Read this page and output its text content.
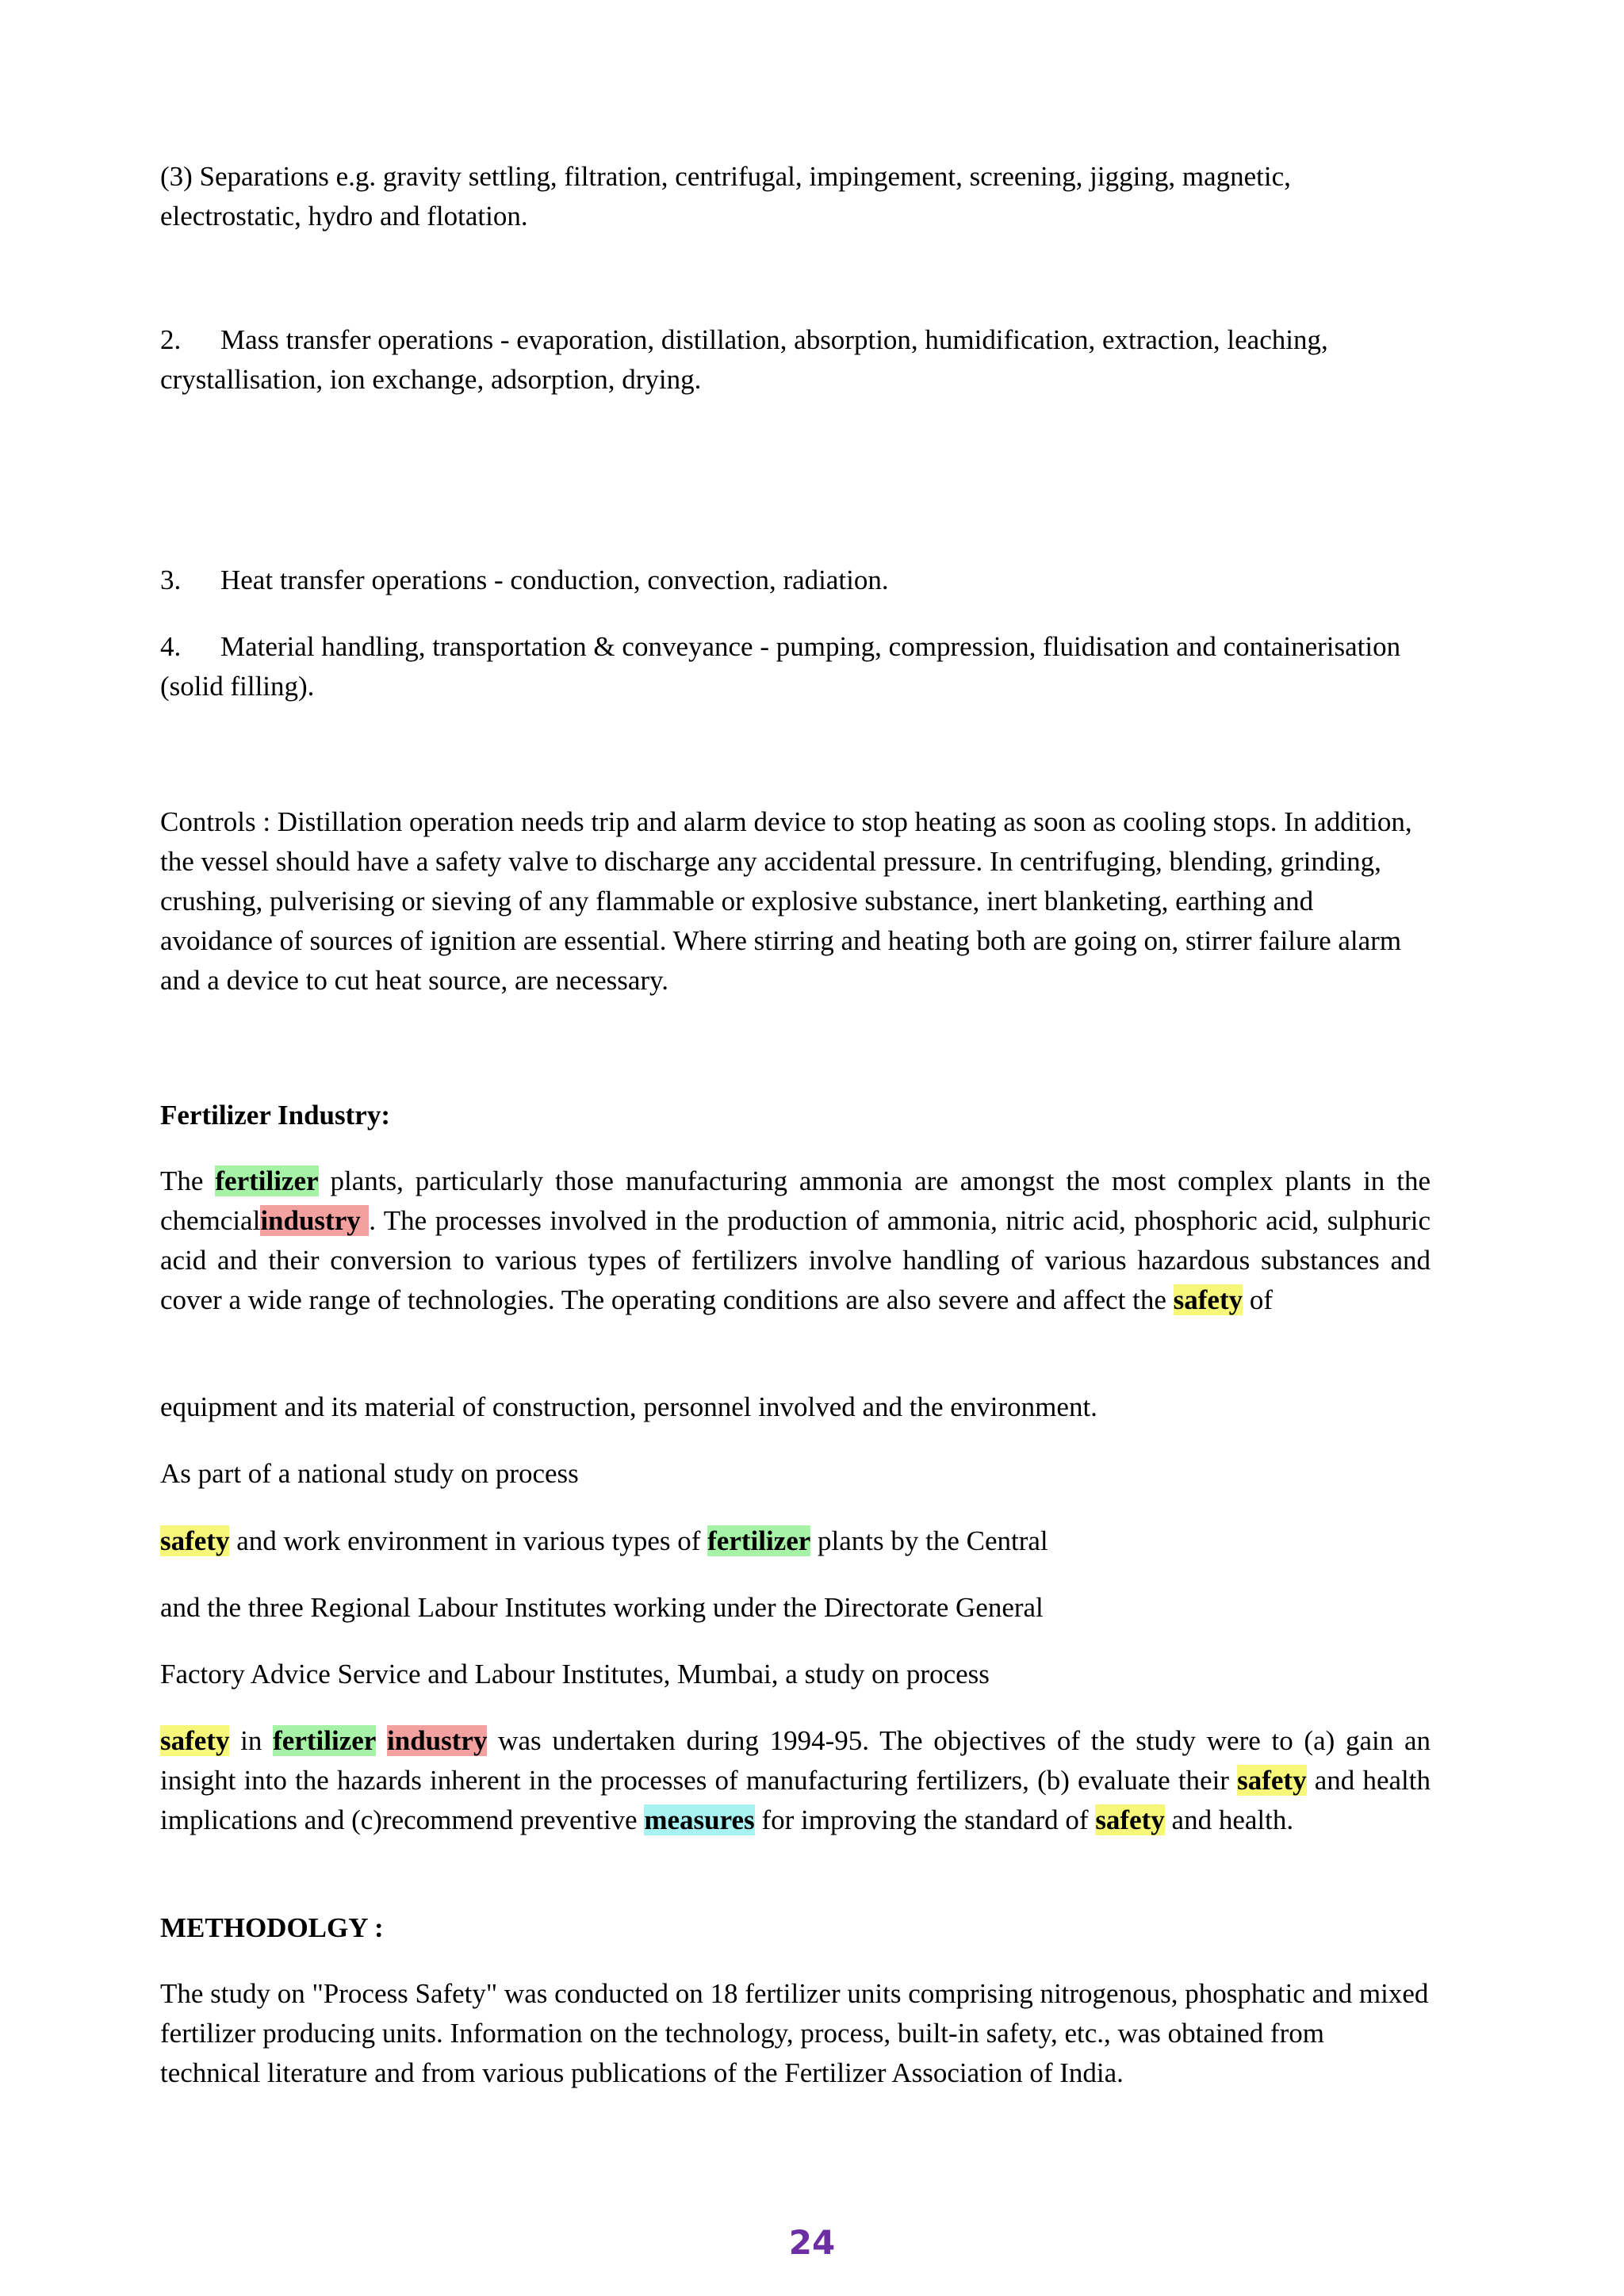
(3) Separations e.g. gravity settling, filtration, centrifugal, impingement, screening, jigging, magnetic, electrostatic, hydro and flotation.

2. Mass transfer operations - evaporation, distillation, absorption, humidification, extraction, leaching, crystallisation, ion exchange, adsorption, drying.

3. Heat transfer operations - conduction, convection, radiation.

4. Material handling, transportation & conveyance - pumping, compression, fluidisation and containerisation (solid filling).

Controls : Distillation operation needs trip and alarm device to stop heating as soon as cooling stops. In addition, the vessel should have a safety valve to discharge any accidental pressure. In centrifuging, blending, grinding, crushing, pulverising or sieving of any flammable or explosive substance, inert blanketing, earthing and avoidance of sources of ignition are essential. Where stirring and heating both are going on, stirrer failure alarm and a device to cut heat source, are necessary.

Fertilizer Industry:

The fertilizer plants, particularly those manufacturing ammonia are amongst the most complex plants in the chemcialindustry . The processes involved in the production of ammonia, nitric acid, phosphoric acid, sulphuric acid and their conversion to various types of fertilizers involve handling of various hazardous substances and cover a wide range of technologies. The operating conditions are also severe and affect the safety of

equipment and its material of construction, personnel involved and the environment.

As part of a national study on process

safety and work environment in various types of fertilizer plants by the Central

and the three Regional Labour Institutes working under the Directorate General

Factory Advice Service and Labour Institutes, Mumbai, a study on process

safety in fertilizer industry was undertaken during 1994-95. The objectives of the study were to (a) gain an insight into the hazards inherent in the processes of manufacturing fertilizers, (b) evaluate their safety and health implications and (c)recommend preventive measures for improving the standard of safety and health.

METHODOLGY :

The study on "Process Safety" was conducted on 18 fertilizer units comprising nitrogenous, phosphatic and mixed fertilizer producing units. Information on the technology, process, built-in safety, etc., was obtained from technical literature and from various publications of the Fertilizer Association of India.

24
